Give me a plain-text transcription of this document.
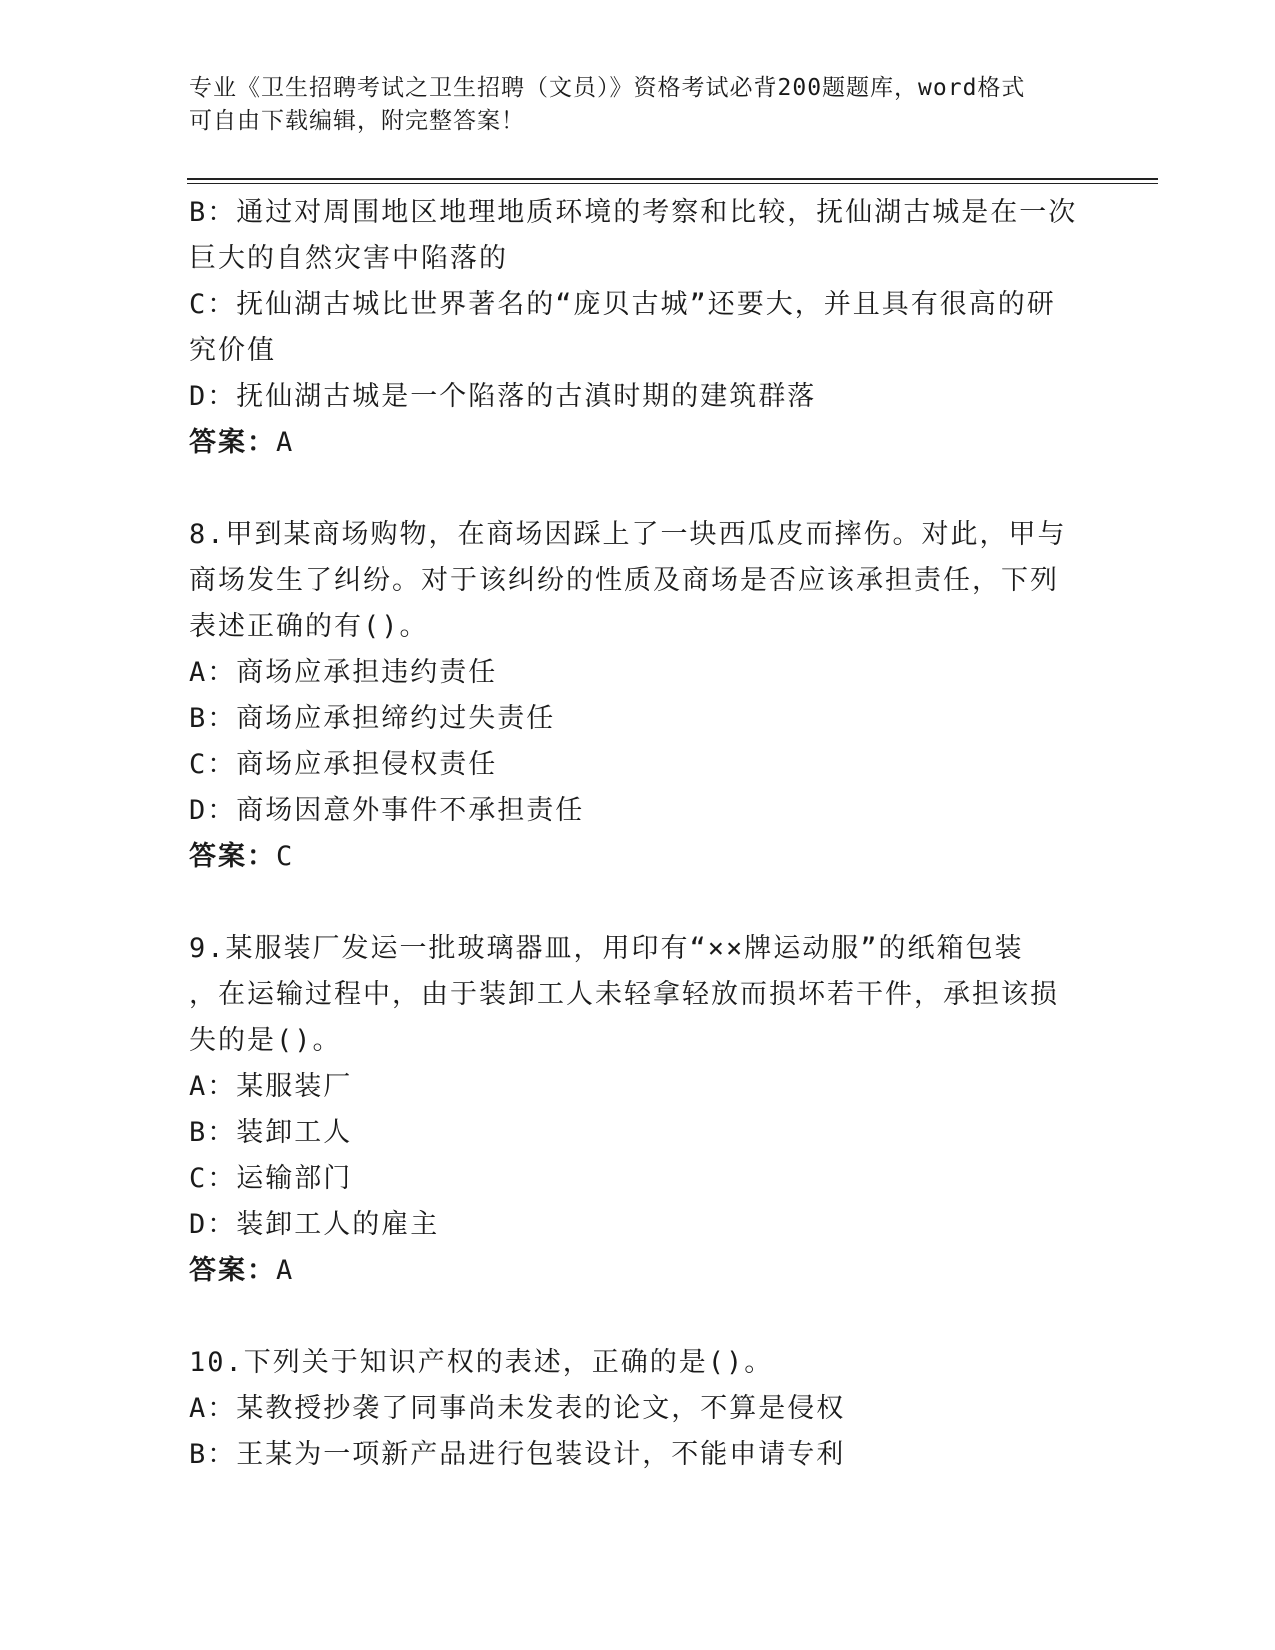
专业《卫生招聘考试之卫生招聘（文员）》资格考试必背200题题库，word格式
可自由下载编辑，附完整答案！
B：通过对周围地区地理地质环境的考察和比较，抚仙湖古城是在一次
巨大的自然灾害中陷落的
C：抚仙湖古城比世界著名的“庞贝古城”还要大，并且具有很高的研
究价值
D：抚仙湖古城是一个陷落的古滇时期的建筑群落
答案：A
8.甲到某商场购物，在商场因踩上了一块西瓜皮而摔伤。对此，甲与
商场发生了纠纷。对于该纠纷的性质及商场是否应该承担责任，下列
表述正确的有()。
A：商场应承担违约责任
B：商场应承担缔约过失责任
C：商场应承担侵权责任
D：商场因意外事件不承担责任
答案：C
9.某服装厂发运一批玻璃器皿，用印有“××牌运动服”的纸箱包装
，在运输过程中，由于装卸工人未轻拿轻放而损坏若干件，承担该损
失的是()。
A：某服装厂
B：装卸工人
C：运输部门
D：装卸工人的雇主
答案：A
10.下列关于知识产权的表述，正确的是()。
A：某教授抄袭了同事尚未发表的论文，不算是侵权
B：王某为一项新产品进行包装设计，不能申请专利
